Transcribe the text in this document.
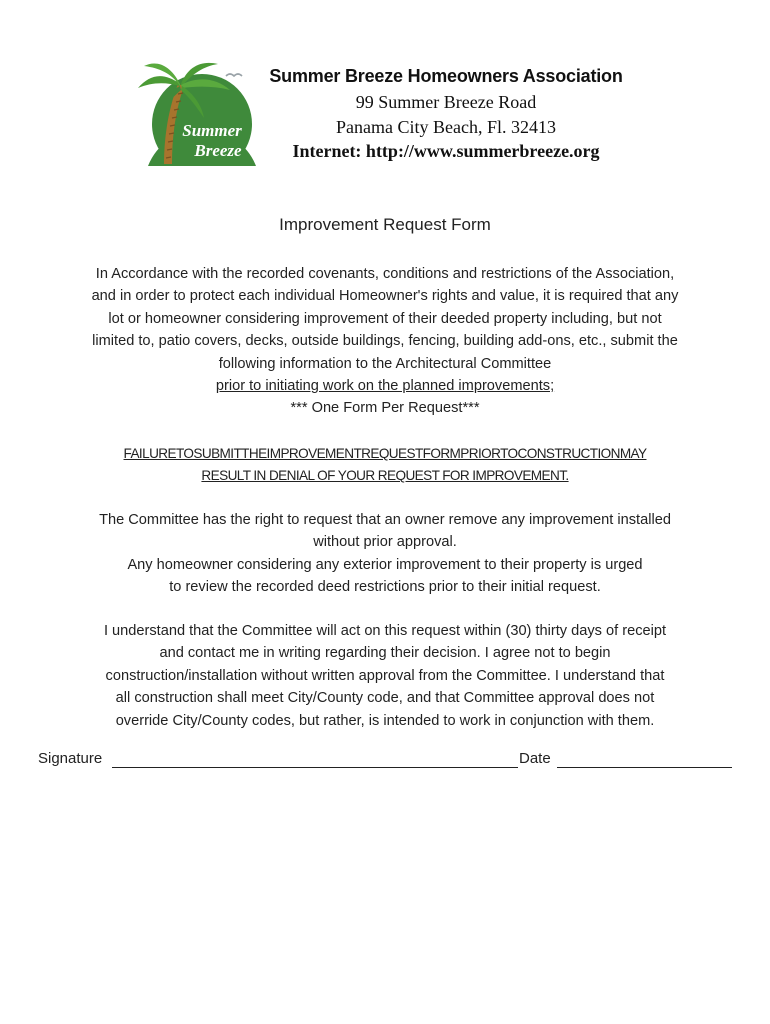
Summer
Breeze
Summer Breeze Homeowners Association
99 Summer Breeze Road
Panama City Beach, Fl. 32413
Internet: http://www.summerbreeze.org
Improvement Request Form
In Accordance with the recorded covenants, conditions and restrictions of the Association,
and in order to protect each individual Homeowner's rights and value, it is required that any
lot or homeowner considering improvement of their deeded property including, but not
limited to, patio covers, decks, outside buildings, fencing, building add-ons, etc., submit the
following information to the Architectural Committee
prior to initiating work on the planned improvements;
*** One Form Per Request***
FAILURETOSUBMITTHEIMPROVEMENTREQUESTFORMPRIORTOCONSTRUCTIONMAY
RESULT IN DENIAL OF YOUR REQUEST FOR IMPROVEMENT.
The Committee has the right to request that an owner remove any improvement installed
without prior approval.
Any homeowner considering any exterior improvement to their property is urged
to review the recorded deed restrictions prior to their initial request.
I understand that the Committee will act on this request within (30) thirty days of receipt
and contact me in writing regarding their decision. I agree not to begin
construction/installation without written approval from the Committee. I understand that
all construction shall meet City/County code, and that Committee approval does not
override City/County codes, but rather, is intended to work in conjunction with them.
Signature	Date
